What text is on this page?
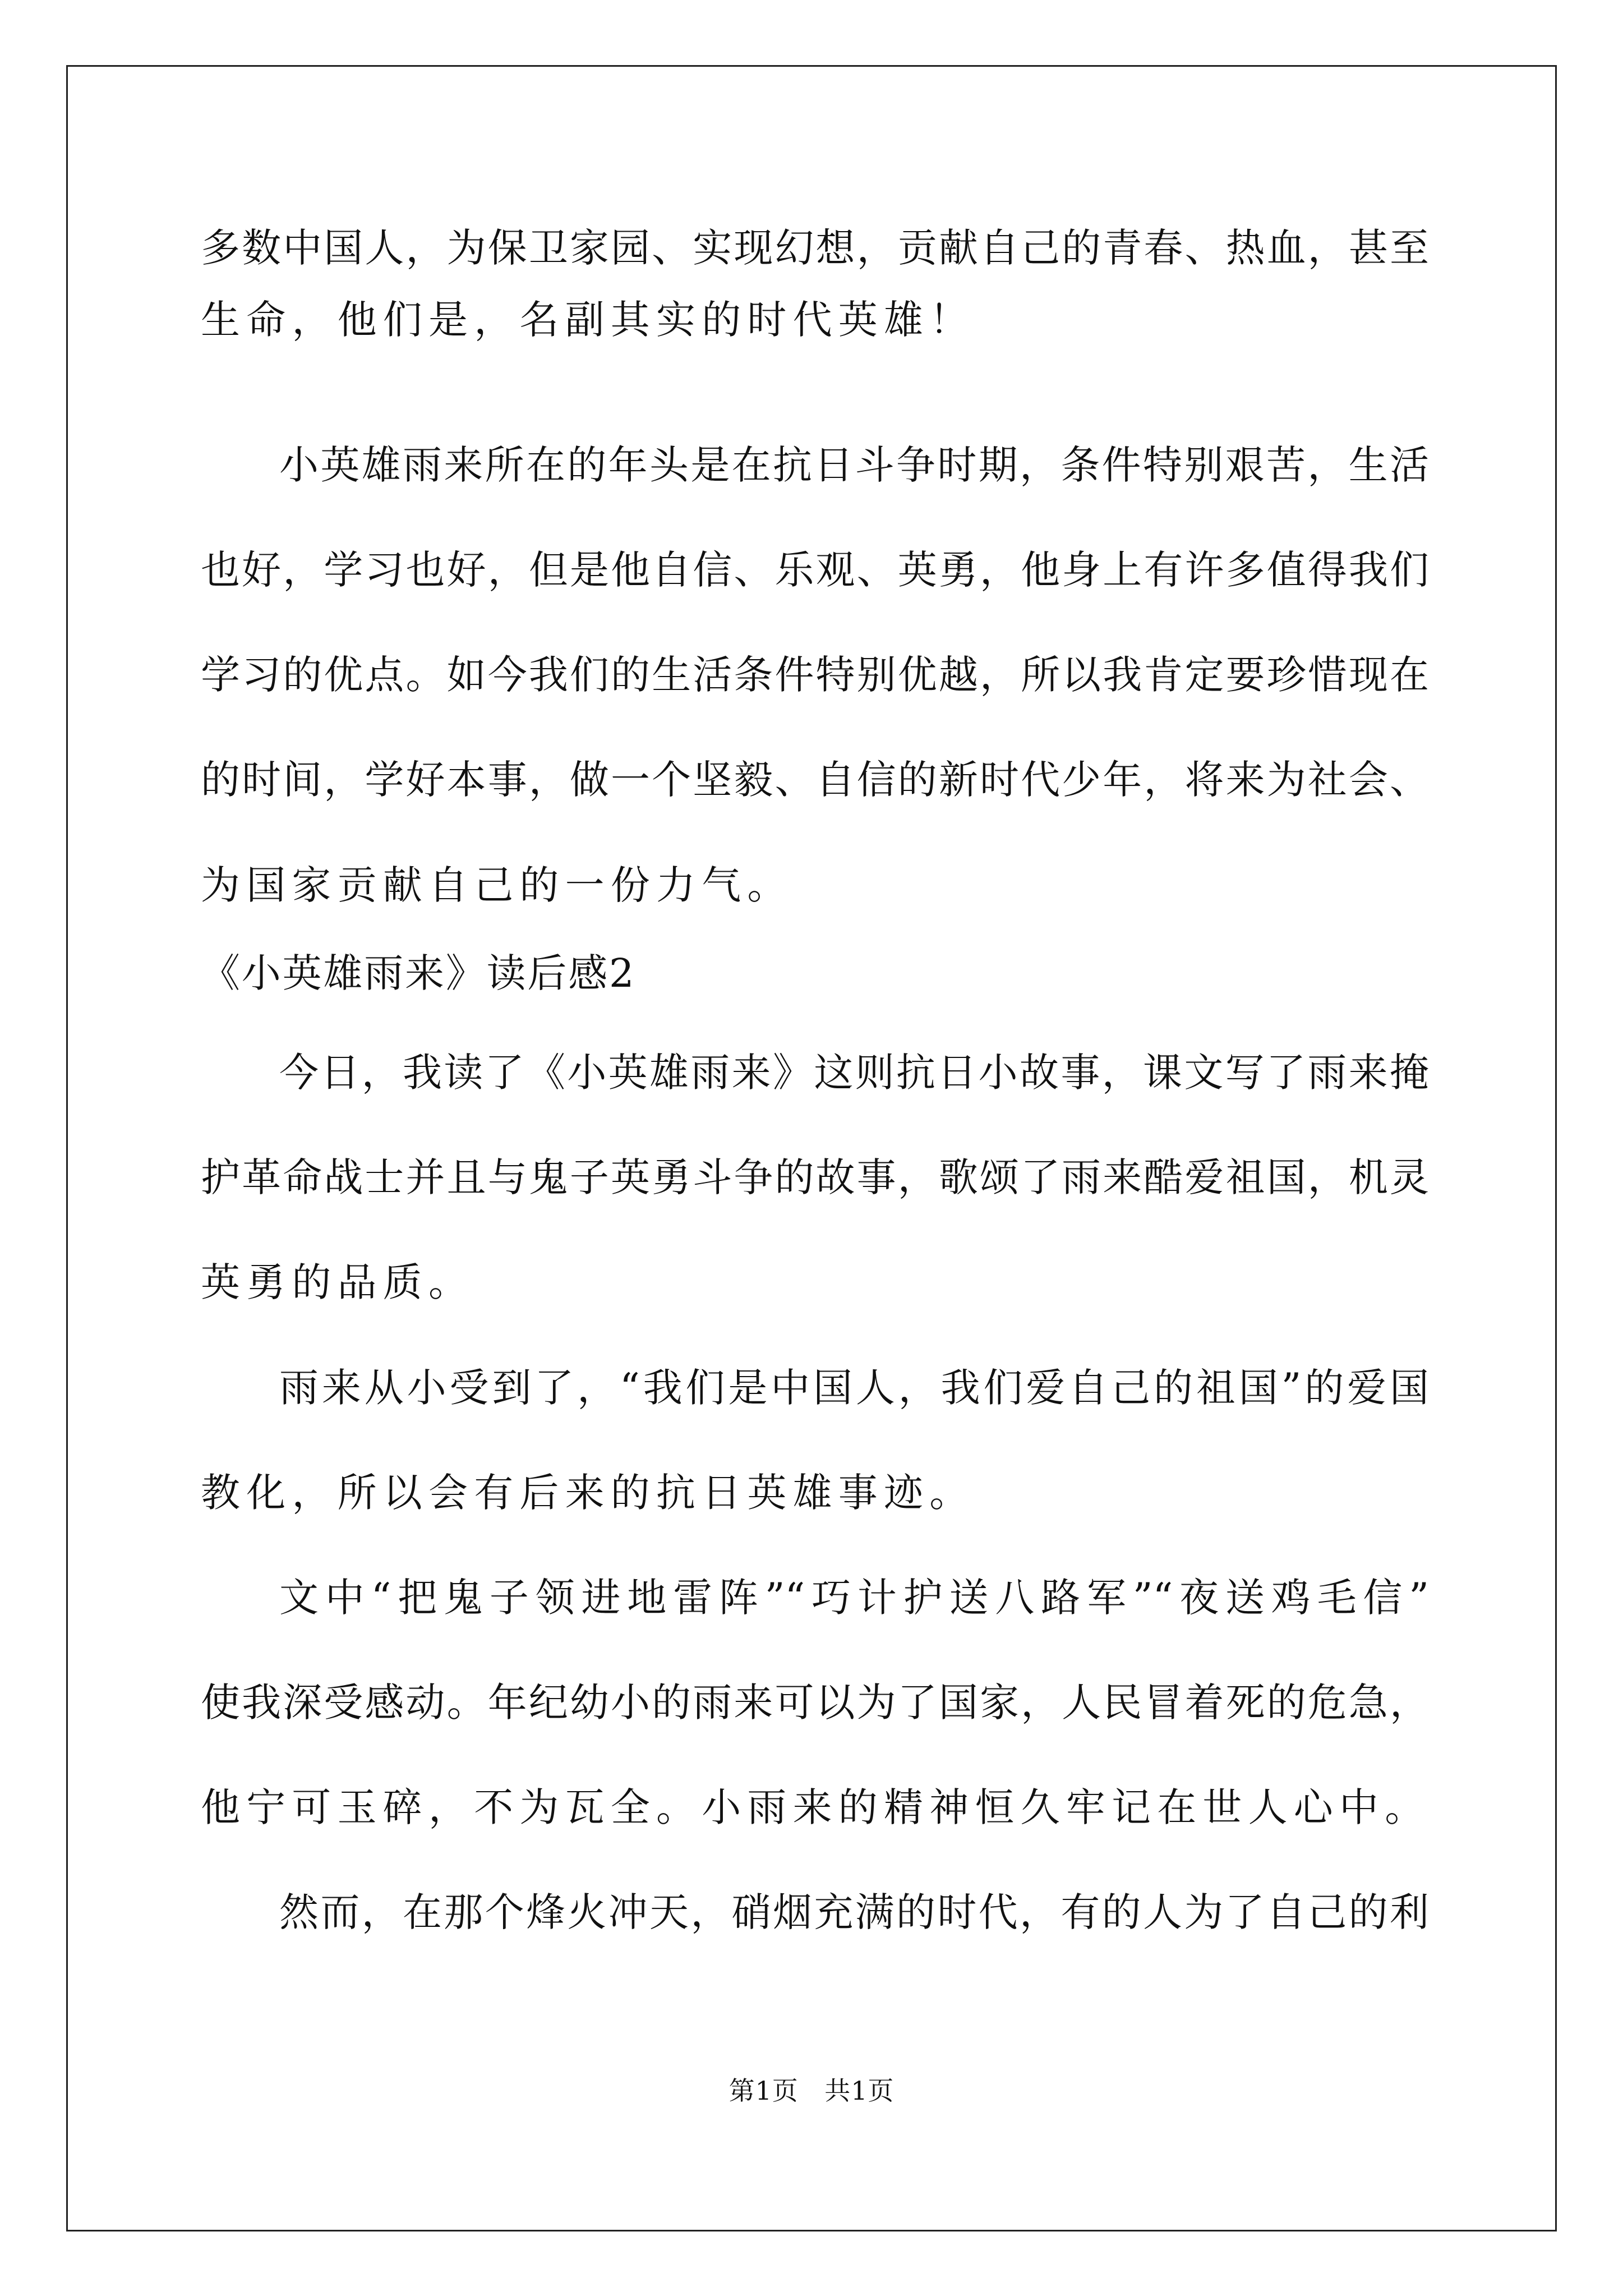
多数中国人，为保卫家园、实现幻想，贡献自己的青春、热血，甚至
生命，他们是，名副其实的时代英雄！
小英雄雨来所在的年头是在抗日斗争时期，条件特别艰苦，生活
也好，学习也好，但是他自信、乐观、英勇，他身上有许多值得我们
学习的优点。如今我们的生活条件特别优越，所以我肯定要珍惜现在
的时间，学好本事，做一个坚毅、自信的新时代少年，将来为社会、
为国家贡献自己的一份力气。
《小英雄雨来》读后感2
今日，我读了《小英雄雨来》这则抗日小故事，课文写了雨来掩
护革命战士并且与鬼子英勇斗争的故事，歌颂了雨来酷爱祖国，机灵
英勇的品质。
雨来从小受到了，“我们是中国人，我们爱自己的祖国”的爱国
教化，所以会有后来的抗日英雄事迹。
文中“把鬼子领进地雷阵”“巧计护送八路军”“夜送鸡毛信”
使我深受感动。年纪幼小的雨来可以为了国家，人民冒着死的危急，
他宁可玉碎，不为瓦全。小雨来的精神恒久牢记在世人心中。
然而，在那个烽火冲天，硝烟充满的时代，有的人为了自己的利
第1页   共1页
